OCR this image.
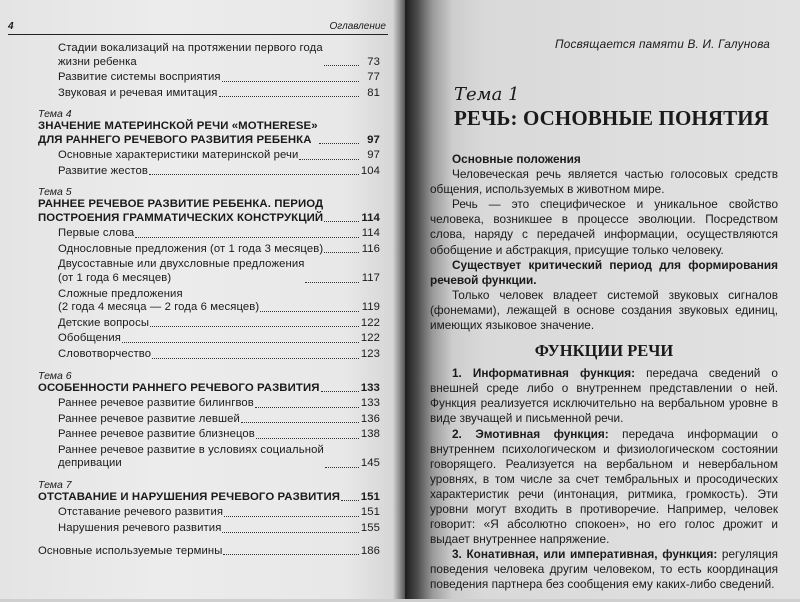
4	Оглавление
Стадии вокализаций на протяжении первого года
жизни ребенка	73
Развитие системы восприятия	77
Звуковая и речевая имитация	81
Тема 4
ЗНАЧЕНИЕ МАТЕРИНСКОЙ РЕЧИ «MOTHERESE»
ДЛЯ РАННЕГО РЕЧЕВОГО РАЗВИТИЯ РЕБЕНКА	97
Основные характеристики материнской речи	97
Развитие жестов	104
Тема 5
РАННЕЕ РЕЧЕВОЕ РАЗВИТИЕ РЕБЕНКА. ПЕРИОД
ПОСТРОЕНИЯ ГРАММАТИЧЕСКИХ КОНСТРУКЦИЙ	114
Первые слова	114
Однословные предложения (от 1 года 3 месяцев)	116
Двусоставные или двухсловные предложения
(от 1 года 6 месяцев)	117
Сложные предложения
(2 года 4 месяца — 2 года 6 месяцев)	119
Детские вопросы	122
Обобщения	122
Словотворчество	123
Тема 6
ОСОБЕННОСТИ РАННЕГО РЕЧЕВОГО РАЗВИТИЯ	133
Раннее речевое развитие билингвов	133
Раннее речевое развитие левшей	136
Раннее речевое развитие близнецов	138
Раннее речевое развитие в условиях социальной
депривации	145
Тема 7
ОТСТАВАНИЕ И НАРУШЕНИЯ РЕЧЕВОГО РАЗВИТИЯ 151
Отставание речевого развития	151
Нарушения речевого развития	155
Основные используемые термины	186
Посвящается памяти В. И. Галунова
Тема 1
РЕЧЬ: ОСНОВНЫЕ ПОНЯТИЯ
Основные положения

Человеческая речь является частью голосовых средств общения, используемых в животном мире.

Речь — это специфическое и уникальное свойство человека, возникшее в процессе эволюции. Посредством слова, наряду с передачей информации, осуществляются обобщение и абстракция, присущие только человеку.

Существует критический период для формирования речевой функции.

Только человек владеет системой звуковых сигналов (фонемами), лежащей в основе создания звуковых единиц, имеющих языковое значение.

ФУНКЦИИ РЕЧИ

1. Информативная функция: передача сведений о внешней среде либо о внутреннем представлении о ней. Функция реализуется исключительно на вербальном уровне в виде звучащей и письменной речи.

2. Эмотивная функция: передача информации о внутреннем психологическом и физиологическом состоянии говорящего. Реализуется на вербальном и невербальном уровнях, в том числе за счет тембральных и просодических характеристик речи (интонация, ритмика, громкость). Эти уровни могут входить в противоречие. Например, человек говорит: «Я абсолютно спокоен», но его голос дрожит и выдает внутреннее напряжение.

3. Конативная, или императивная, функция: регуляция поведения человека другим человеком, то есть координация поведения партнера без сообщения ему каких-либо сведений.
